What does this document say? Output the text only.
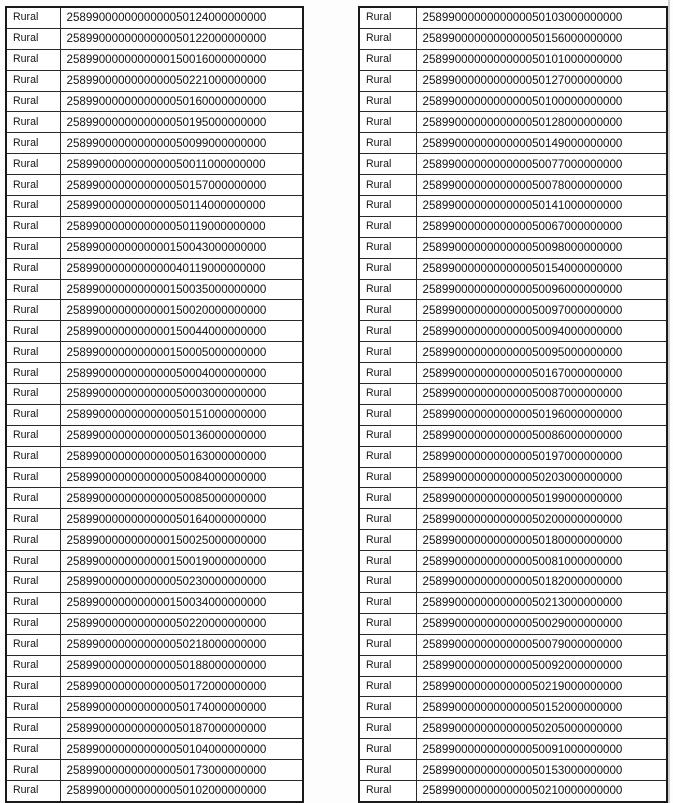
Rural	2589900000000000050124000000000
Rural	2589900000000000050122000000000
Rural	2589900000000000150016000000000
Rural	2589900000000000050221000000000
Rural	2589900000000000050160000000000
Rural	2589900000000000050195000000000
Rural	2589900000000000050099000000000
Rural	2589900000000000050011000000000
Rural	2589900000000000050157000000000
Rural	2589900000000000050114000000000
Rural	2589900000000000050119000000000
Rural	2589900000000000150043000000000
Rural	2589900000000000040119000000000
Rural	2589900000000000150035000000000
Rural	2589900000000000150020000000000
Rural	2589900000000000150044000000000
Rural	2589900000000000150005000000000
Rural	2589900000000000050004000000000
Rural	2589900000000000050003000000000
Rural	2589900000000000050151000000000
Rural	2589900000000000050136000000000
Rural	2589900000000000050163000000000
Rural	2589900000000000050084000000000
Rural	2589900000000000050085000000000
Rural	2589900000000000050164000000000
Rural	2589900000000000150025000000000
Rural	2589900000000000150019000000000
Rural	2589900000000000050230000000000
Rural	2589900000000000150034000000000
Rural	2589900000000000050220000000000
Rural	2589900000000000050218000000000
Rural	2589900000000000050188000000000
Rural	2589900000000000050172000000000
Rural	2589900000000000050174000000000
Rural	2589900000000000050187000000000
Rural	2589900000000000050104000000000
Rural	2589900000000000050173000000000
Rural	2589900000000000050102000000000
Rural	2589900000000000050103000000000
Rural	2589900000000000050156000000000
Rural	2589900000000000050101000000000
Rural	2589900000000000050127000000000
Rural	2589900000000000050100000000000
Rural	2589900000000000050128000000000
Rural	2589900000000000050149000000000
Rural	2589900000000000050077000000000
Rural	2589900000000000050078000000000
Rural	2589900000000000050141000000000
Rural	2589900000000000050067000000000
Rural	2589900000000000050098000000000
Rural	2589900000000000050154000000000
Rural	2589900000000000050096000000000
Rural	2589900000000000050097000000000
Rural	2589900000000000050094000000000
Rural	2589900000000000050095000000000
Rural	2589900000000000050167000000000
Rural	2589900000000000050087000000000
Rural	2589900000000000050196000000000
Rural	2589900000000000050086000000000
Rural	2589900000000000050197000000000
Rural	2589900000000000050203000000000
Rural	2589900000000000050199000000000
Rural	2589900000000000050200000000000
Rural	2589900000000000050180000000000
Rural	2589900000000000050081000000000
Rural	2589900000000000050182000000000
Rural	2589900000000000050213000000000
Rural	2589900000000000050029000000000
Rural	2589900000000000050079000000000
Rural	2589900000000000050092000000000
Rural	2589900000000000050219000000000
Rural	2589900000000000050152000000000
Rural	2589900000000000050205000000000
Rural	2589900000000000050091000000000
Rural	2589900000000000050153000000000
Rural	2589900000000000050210000000000
